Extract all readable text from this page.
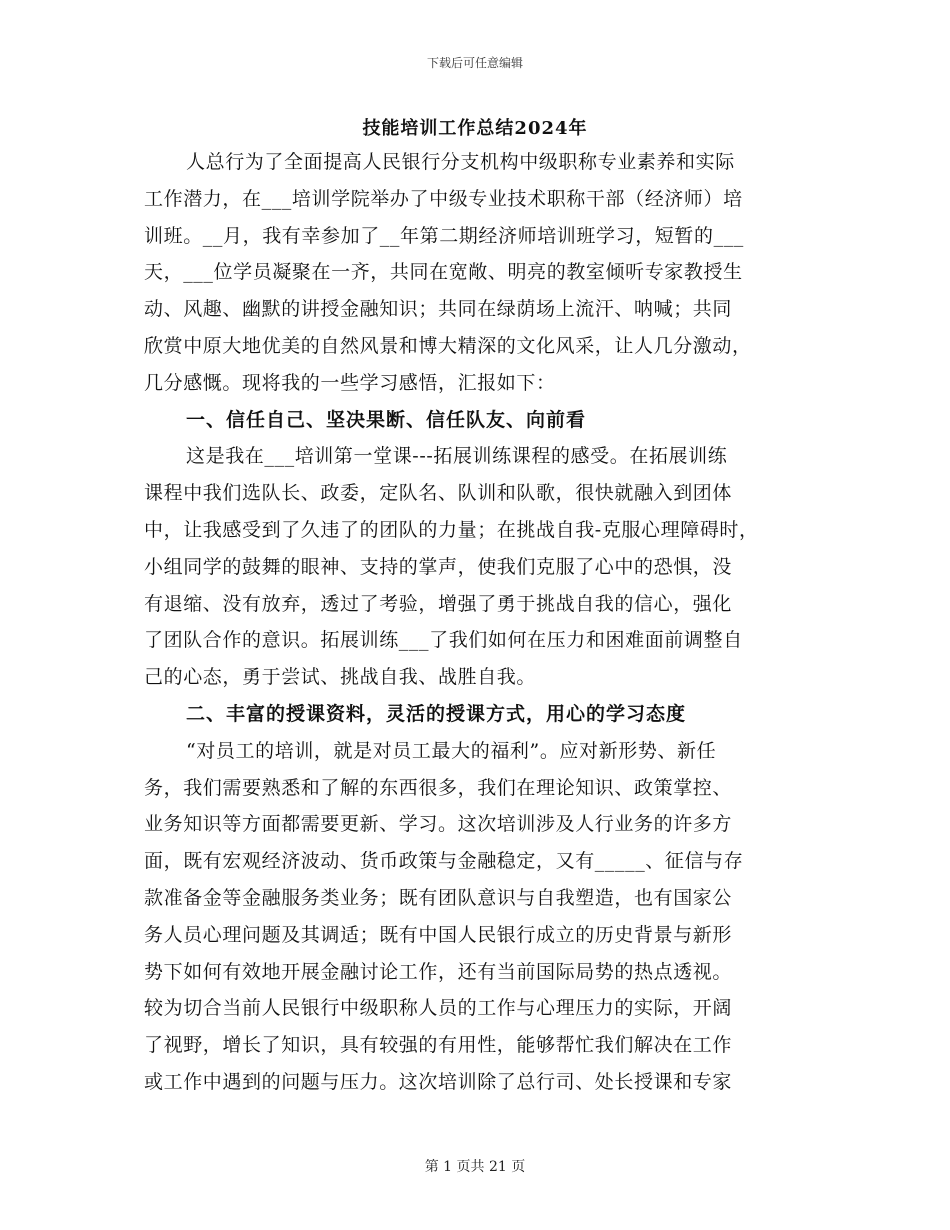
下载后可任意编辑
技能培训工作总结2024年
人总行为了全面提高人民银行分支机构中级职称专业素养和实际
工作潜力，在___培训学院举办了中级专业技术职称干部（经济师）培
训班。__月，我有幸参加了__年第二期经济师培训班学习，短暂的___
天，___位学员凝聚在一齐，共同在宽敞、明亮的教室倾听专家教授生
动、风趣、幽默的讲授金融知识；共同在绿荫场上流汗、呐喊；共同
欣赏中原大地优美的自然风景和博大精深的文化风采，让人几分激动，
几分感慨。现将我的一些学习感悟，汇报如下：
一、信任自己、坚决果断、信任队友、向前看
这是我在___培训第一堂课---拓展训练课程的感受。在拓展训练
课程中我们选队长、政委，定队名、队训和队歌，很快就融入到团体
中，让我感受到了久违了的团队的力量；在挑战自我-克服心理障碍时，
小组同学的鼓舞的眼神、支持的掌声，使我们克服了心中的恐惧，没
有退缩、没有放弃，透过了考验，增强了勇于挑战自我的信心，强化
了团队合作的意识。拓展训练___了我们如何在压力和困难面前调整自
己的心态，勇于尝试、挑战自我、战胜自我。
二、丰富的授课资料，灵活的授课方式，用心的学习态度
“对员工的培训，就是对员工最大的福利”。应对新形势、新任
务，我们需要熟悉和了解的东西很多，我们在理论知识、政策掌控、
业务知识等方面都需要更新、学习。这次培训涉及人行业务的许多方
面，既有宏观经济波动、货币政策与金融稳定，又有_____、征信与存
款准备金等金融服务类业务；既有团队意识与自我塑造，也有国家公
务人员心理问题及其调适；既有中国人民银行成立的历史背景与新形
势下如何有效地开展金融讨论工作，还有当前国际局势的热点透视。
较为切合当前人民银行中级职称人员的工作与心理压力的实际，开阔
了视野，增长了知识，具有较强的有用性，能够帮忙我们解决在工作
或工作中遇到的问题与压力。这次培训除了总行司、处长授课和专家
第 1 页共 21 页
